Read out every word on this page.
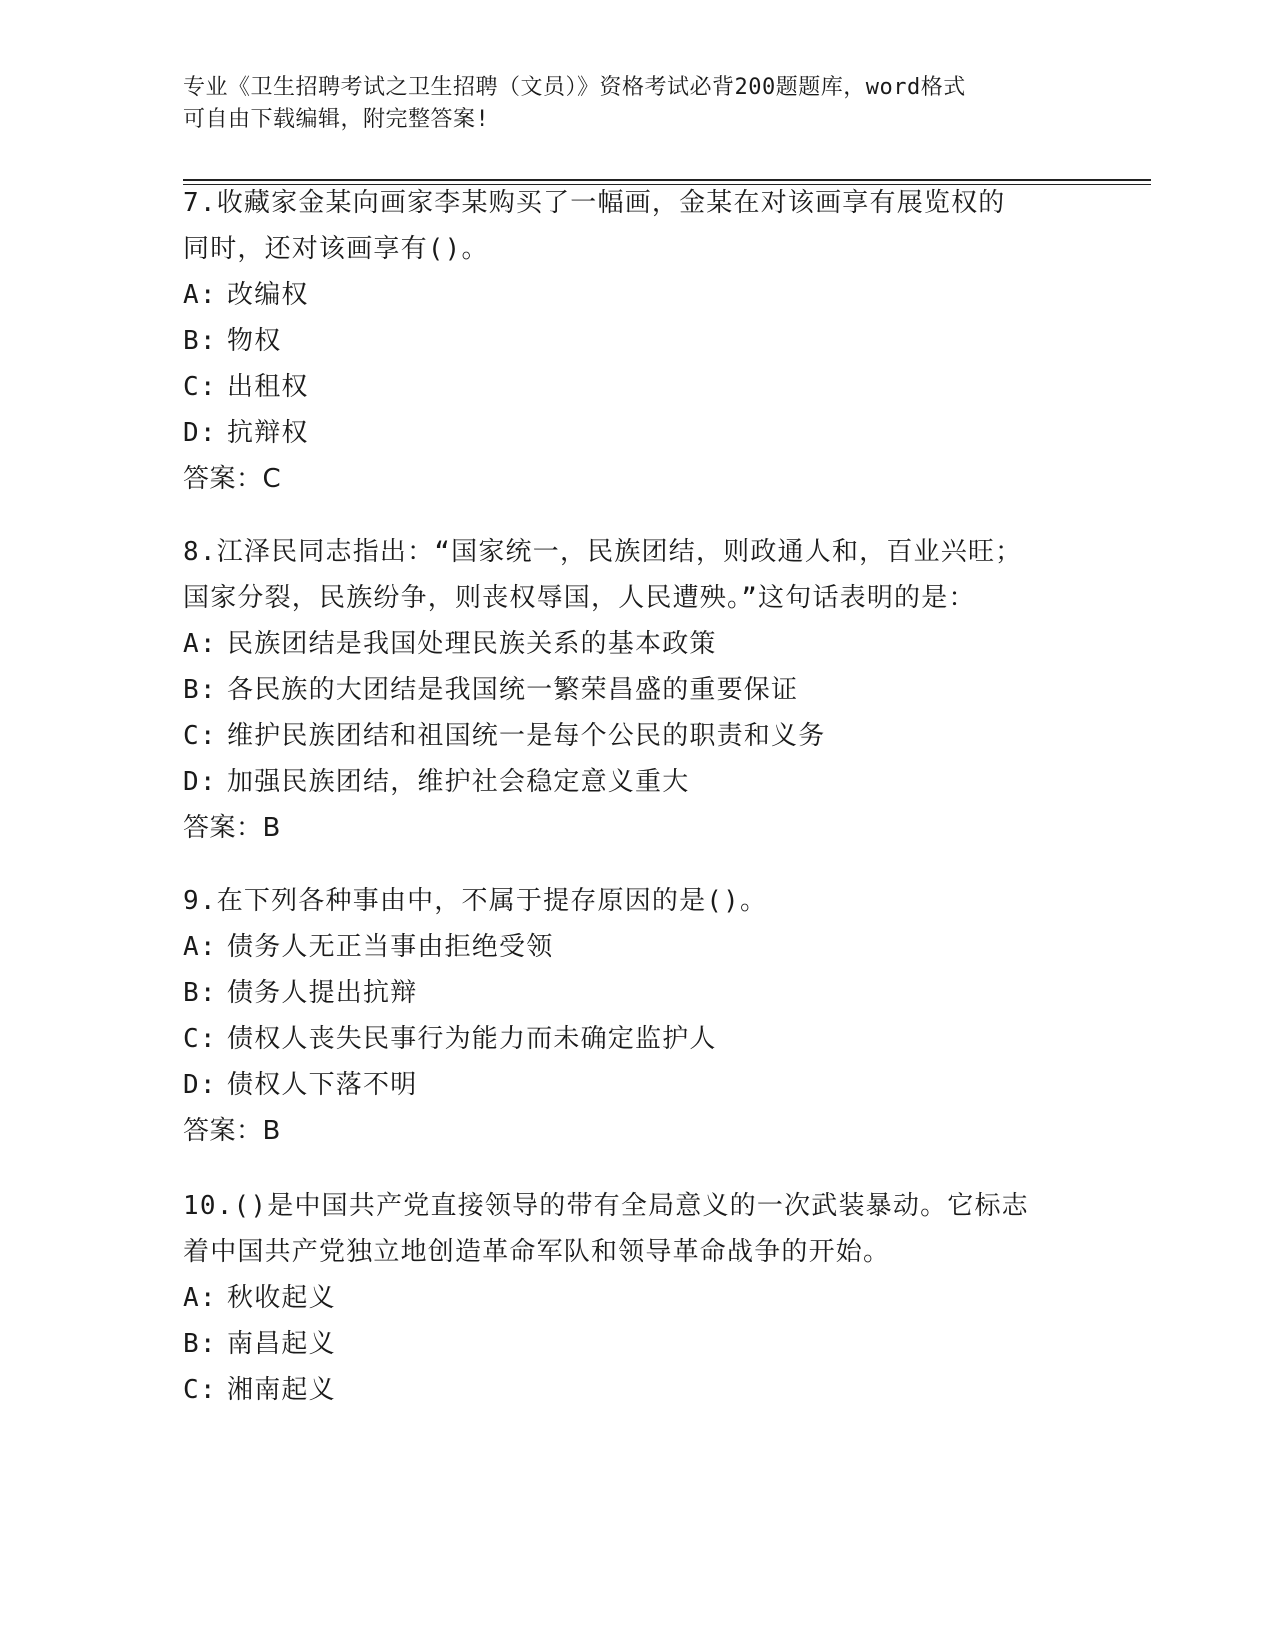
专业《卫生招聘考试之卫生招聘（文员）》资格考试必背200题题库，word格式
可自由下载编辑，附完整答案!
7.收藏家金某向画家李某购买了一幅画，金某在对该画享有展览权的
同时，还对该画享有()。
A: 改编权
B: 物权
C: 出租权
D: 抗辩权
答案：C
8.江泽民同志指出：“国家统一，民族团结，则政通人和，百业兴旺；
国家分裂，民族纷争，则丧权辱国，人民遭殃。”这句话表明的是：
A: 民族团结是我国处理民族关系的基本政策
B: 各民族的大团结是我国统一繁荣昌盛的重要保证
C: 维护民族团结和祖国统一是每个公民的职责和义务
D: 加强民族团结，维护社会稳定意义重大
答案：B
9.在下列各种事由中，不属于提存原因的是()。
A: 债务人无正当事由拒绝受领
B: 债务人提出抗辩
C: 债权人丧失民事行为能力而未确定监护人
D: 债权人下落不明
答案：B
10.()是中国共产党直接领导的带有全局意义的一次武装暴动。它标志
着中国共产党独立地创造革命军队和领导革命战争的开始。
A: 秋收起义
B: 南昌起义
C: 湘南起义
